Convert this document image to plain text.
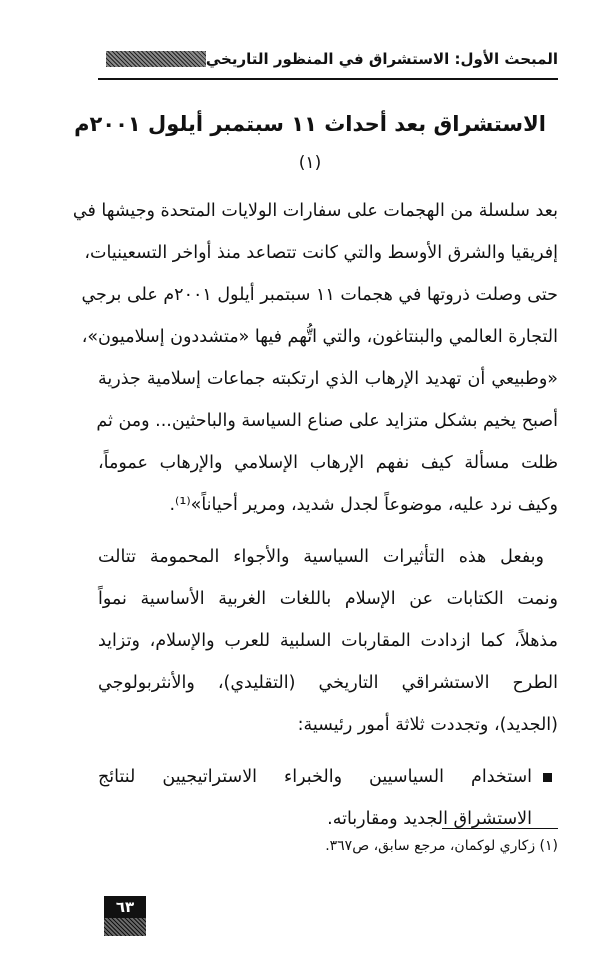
المبحث الأول: الاستشراق في المنظور التاريخي
الاستشراق بعد أحداث ١١ سبتمبر أيلول ٢٠٠١م
(١)
بعد سلسلة من الهجمات على سفارات الولايات المتحدة وجيشها في
إفريقيا والشرق الأوسط والتي كانت تتصاعد منذ أواخر التسعينيات،
حتى وصلت ذروتها في هجمات ١١ سبتمبر أيلول ٢٠٠١م على برجي
التجارة العالمي والبنتاغون، والتي اتُّهم فيها «متشددون إسلاميون»،
«وطبيعي أن تهديد الإرهاب الذي ارتكبته جماعات إسلامية جذرية
أصبح يخيم بشكل متزايد على صناع السياسة والباحثين... ومن ثم
ظلت مسألة كيف نفهم الإرهاب الإسلامي والإرهاب عموماً،
وكيف نرد عليه، موضوعاً لجدل شديد، ومرير أحياناً»⁽¹⁾.
وبفعل هذه التأثيرات السياسية والأجواء المحمومة تتالت
ونمت الكتابات عن الإسلام باللغات الغربية الأساسية نمواً
مذهلاً، كما ازدادت المقاربات السلبية للعرب والإسلام، وتزايد
الطرح الاستشراقي التاريخي (التقليدي)، والأنثربولوجي
(الجديد)، وتجددت ثلاثة أمور رئيسية:
استخدام السياسيين والخبراء الاستراتيجيين لنتائج
الاستشراق الجديد ومقارباته.
(١) زكاري لوكمان، مرجع سابق، ص٣٦٧.
٦٣
